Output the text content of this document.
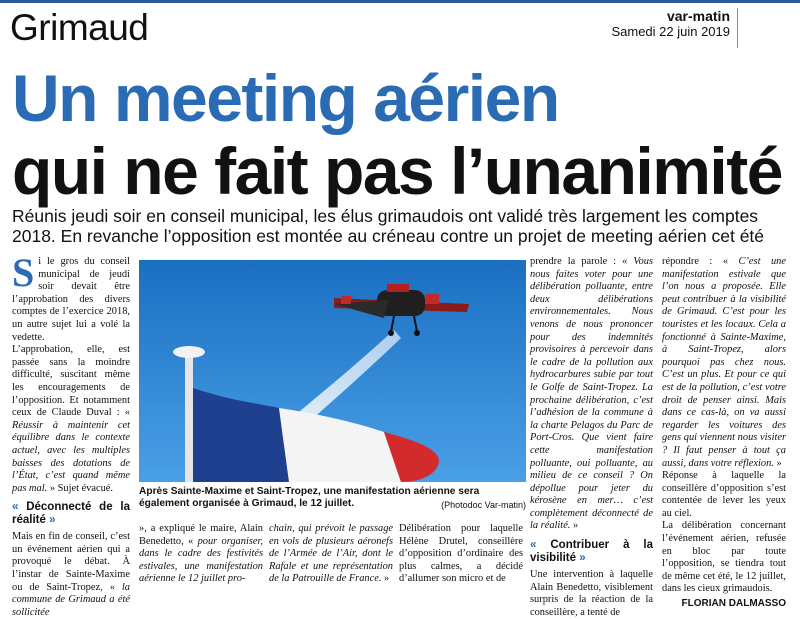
Grimaud	var-matin
Samedi 22 juin 2019
Un meeting aérien
qui ne fait pas l’unanimité
Réunis jeudi soir en conseil municipal, les élus grimaudois ont validé très largement les comptes 2018. En revanche l’opposition est montée au créneau contre un projet de meeting aérien cet été

Si le gros du conseil municipal de jeudi soir devait être l’approbation des divers comptes de l’exercice 2018, un autre sujet lui a volé la vedette.

L’approbation, elle, est passée sans la moindre difficulté, suscitant même les encouragements de l’opposition. Et notamment ceux de Claude Duval : « Réussir à maintenir cet équilibre dans le contexte actuel, avec les multiples baisses des dotations de l’État, c’est quand même pas mal. » Sujet évacué.

« Déconnecté de la réalité »

Mais en fin de conseil, c’est un événement aérien qui a provoqué le débat. À l’instar de Sainte-Maxime ou de Saint-Tropez, « la commune de Grimaud a été sollicitée

Après Sainte-Maxime et Saint-Tropez, une manifestation aérienne sera également organisée à Grimaud, le 12 juillet.	(Photodoc Var-matin)

», a expliqué le maire, Alain Benedetto, « pour organiser, dans le cadre des festivités estivales, une manifestation aérienne le 12 juillet pro-

chain, qui prévoit le passage en vols de plusieurs aéronefs de l’Armée de l’Air, dont le Rafale et une représentation de la Patrouille de France. »

Délibération pour laquelle Hélène Drutel, conseillère d’opposition d’ordinaire des plus calmes, a décidé d’allumer son micro et de

prendre la parole : « Vous nous faites voter pour une délibération polluante, entre deux délibérations environnementales. Nous venons de nous prononcer pour des indemnités provisoires à percevoir dans le cadre de la pollution aux hydrocarbures subie par tout le Golfe de Saint-Tropez. La prochaine délibération, c’est l’adhésion de la commune à la charte Pelagos du Parc de Port-Cros. Que vient faire cette manifestation polluante, oui polluante, au milieu de ce conseil ? On dépollue pour jeter du kérosène en mer… c’est complètement déconnecté de la réalité. »

« Contribuer à la visibilité »

Une intervention à laquelle Alain Benedetto, visiblement surpris de la réaction de la conseillère, a tenté de

répondre : « C’est une manifestation estivale que l’on nous a proposée. Elle peut contribuer à la visibilité de Grimaud. C’est pour les touristes et les locaux. Cela a fonctionné à Sainte-Maxime, à Saint-Tropez, alors pourquoi pas chez nous. C’est un plus. Et pour ce qui est de la pollution, c’est votre droit de penser ainsi. Mais dans ce cas-là, on va aussi regarder les voitures des gens qui viennent nous visiter ? Il faut penser à tout ça aussi, dans votre réflexion. »

Réponse à laquelle la conseillère d’opposition s’est contentée de lever les yeux au ciel.

La délibération concernant l’événement aérien, refusée en bloc par toute l’opposition, se tiendra tout de même cet été, le 12 juillet, dans les cieux grimaudois.

FLORIAN DALMASSO
